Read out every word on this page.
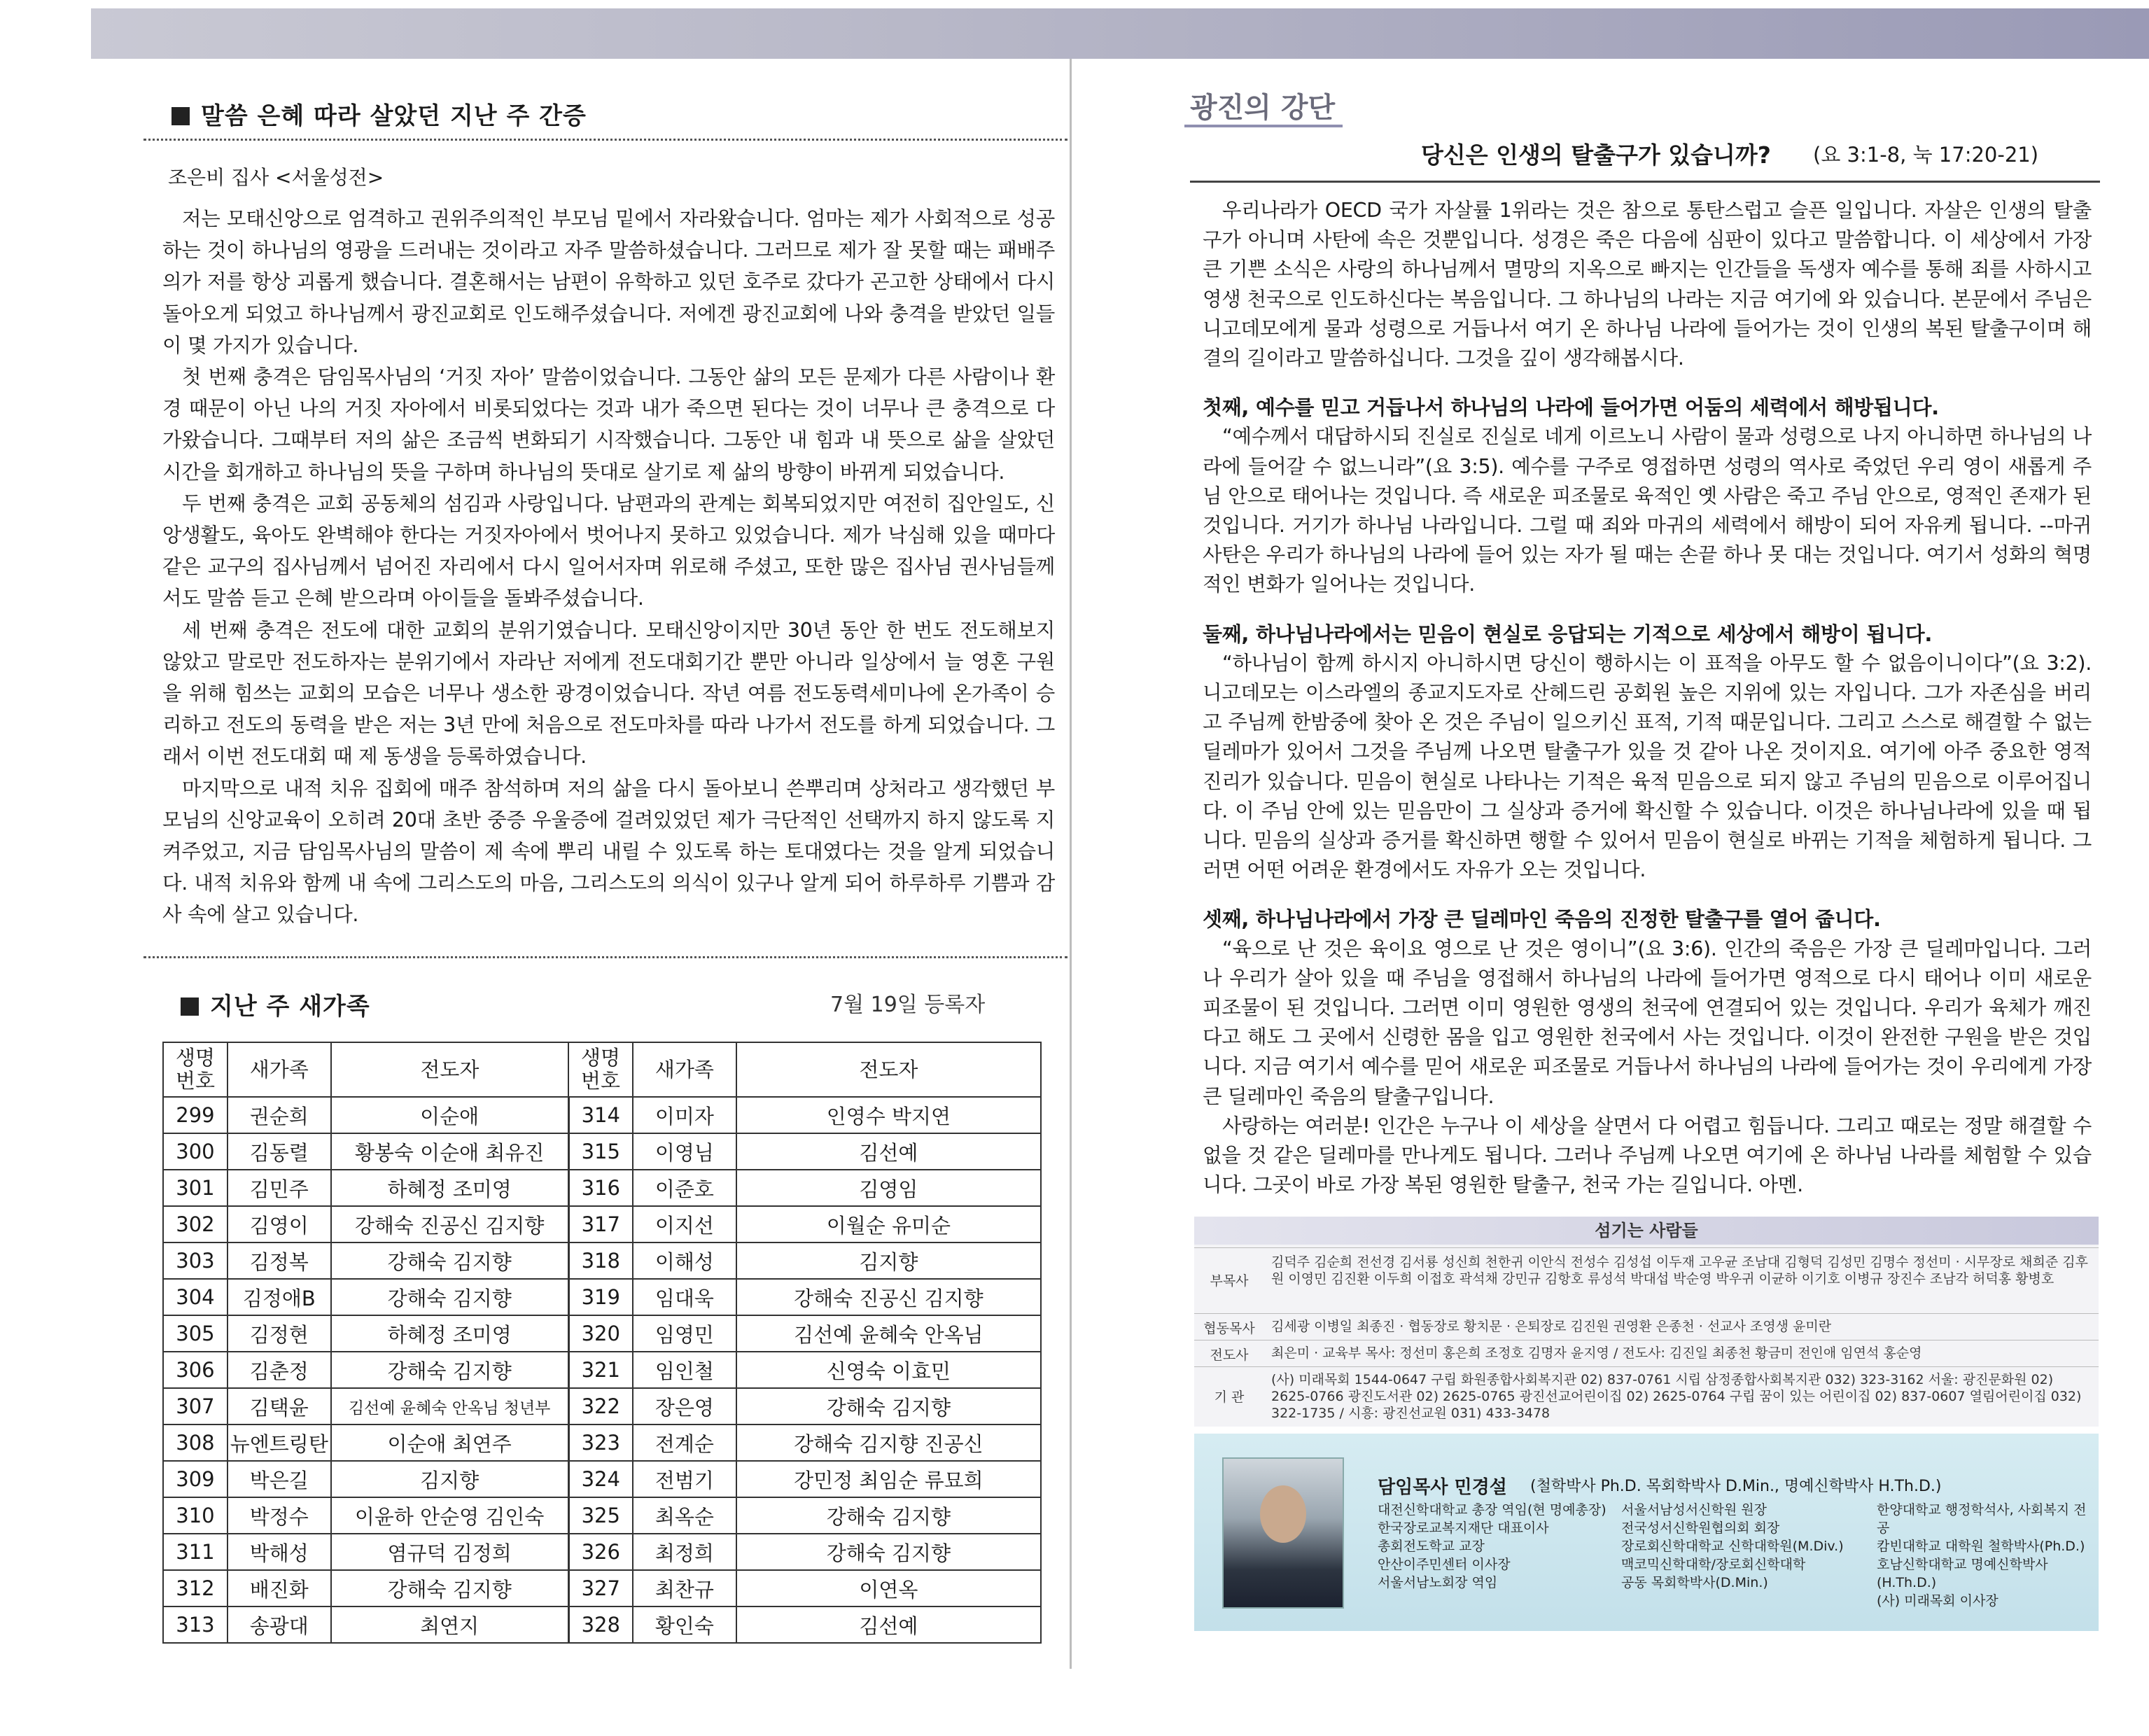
말씀 은혜 따라 살았던 지난 주 간증
조은비 집사 <서울성전>

저는 모태신앙으로 엄격하고 권위주의적인 부모님 밑에서 자라왔습니다. 엄마는 제가 사회적으로 성공하는 것이 하나님의 영광을 드러내는 것이라고 자주 말씀하셨습니다. 그러므로 제가 잘 못할 때는 패배주의가 저를 항상 괴롭게 했습니다. 결혼해서는 남편이 유학하고 있던 호주로 갔다가 곤고한 상태에서 다시 돌아오게 되었고 하나님께서 광진교회로 인도해주셨습니다. 저에겐 광진교회에 나와 충격을 받았던 일들이 몇 가지가 있습니다.

첫 번째 충격은 담임목사님의 ‘거짓 자아’ 말씀이었습니다. 그동안 삶의 모든 문제가 다른 사람이나 환경 때문이 아닌 나의 거짓 자아에서 비롯되었다는 것과 내가 죽으면 된다는 것이 너무나 큰 충격으로 다가왔습니다. 그때부터 저의 삶은 조금씩 변화되기 시작했습니다. 그동안 내 힘과 내 뜻으로 삶을 살았던 시간을 회개하고 하나님의 뜻을 구하며 하나님의 뜻대로 살기로 제 삶의 방향이 바뀌게 되었습니다.

두 번째 충격은 교회 공동체의 섬김과 사랑입니다. 남편과의 관계는 회복되었지만 여전히 집안일도, 신앙생활도, 육아도 완벽해야 한다는 거짓자아에서 벗어나지 못하고 있었습니다. 제가 낙심해 있을 때마다 같은 교구의 집사님께서 넘어진 자리에서 다시 일어서자며 위로해 주셨고, 또한 많은 집사님 권사님들께서도 말씀 듣고 은혜 받으라며 아이들을 돌봐주셨습니다.

세 번째 충격은 전도에 대한 교회의 분위기였습니다. 모태신앙이지만 30년 동안 한 번도 전도해보지 않았고 말로만 전도하자는 분위기에서 자라난 저에게 전도대회기간 뿐만 아니라 일상에서 늘 영혼 구원을 위해 힘쓰는 교회의 모습은 너무나 생소한 광경이었습니다. 작년 여름 전도동력세미나에 온가족이 승리하고 전도의 동력을 받은 저는 3년 만에 처음으로 전도마차를 따라 나가서 전도를 하게 되었습니다. 그래서 이번 전도대회 때 제 동생을 등록하였습니다.

마지막으로 내적 치유 집회에 매주 참석하며 저의 삶을 다시 돌아보니 쓴뿌리며 상처라고 생각했던 부모님의 신앙교육이 오히려 20대 초반 중증 우울증에 걸려있었던 제가 극단적인 선택까지 하지 않도록 지켜주었고, 지금 담임목사님의 말씀이 제 속에 뿌리 내릴 수 있도록 하는 토대였다는 것을 알게 되었습니다. 내적 치유와 함께 내 속에 그리스도의 마음, 그리스도의 의식이 있구나 알게 되어 하루하루 기쁨과 감사 속에 살고 있습니다.

지난 주 새가족	7월 19일 등록자
생명
번호	새가족	전도자	생명
번호	새가족	전도자
299	권순희	이순애	314	이미자	인영수 박지연
300	김동렬	황봉숙 이순애 최유진	315	이영님	김선예
301	김민주	하혜정 조미영	316	이준호	김영임
302	김영이	강해숙 진공신 김지향	317	이지선	이월순 유미순
303	김정복	강해숙 김지향	318	이해성	김지향
304	김정애B	강해숙 김지향	319	임대욱	강해숙 진공신 김지향
305	김정현	하혜정 조미영	320	임영민	김선예 윤혜숙 안옥님
306	김춘정	강해숙 김지향	321	임인철	신영숙 이효민
307	김택윤	김선예 윤혜숙 안옥님 청년부	322	장은영	강해숙 김지향
308	뉴엔트링탄	이순애 최연주	323	전계순	강해숙 김지향 진공신
309	박은길	김지향	324	전범기	강민정 최임순 류묘희
310	박정수	이윤하 안순영 김인숙	325	최옥순	강해숙 김지향
311	박해성	염규덕 김정희	326	최정희	강해숙 김지향
312	배진화	강해숙 김지향	327	최찬규	이연옥
313	송광대	최연지	328	황인숙	김선예
광진의 강단
당신은 인생의 탈출구가 있습니까? (요 3:1-8, 눅 17:20-21)

우리나라가 OECD 국가 자살률 1위라는 것은 참으로 통탄스럽고 슬픈 일입니다. 자살은 인생의 탈출구가 아니며 사탄에 속은 것뿐입니다. 성경은 죽은 다음에 심판이 있다고 말씀합니다. 이 세상에서 가장 큰 기쁜 소식은 사랑의 하나님께서 멸망의 지옥으로 빠지는 인간들을 독생자 예수를 통해 죄를 사하시고 영생 천국으로 인도하신다는 복음입니다. 그 하나님의 나라는 지금 여기에 와 있습니다. 본문에서 주님은 니고데모에게 물과 성령으로 거듭나서 여기 온 하나님 나라에 들어가는 것이 인생의 복된 탈출구이며 해결의 길이라고 말씀하십니다. 그것을 깊이 생각해봅시다.

첫째, 예수를 믿고 거듭나서 하나님의 나라에 들어가면 어둠의 세력에서 해방됩니다.

“예수께서 대답하시되 진실로 진실로 네게 이르노니 사람이 물과 성령으로 나지 아니하면 하나님의 나라에 들어갈 수 없느니라”(요 3:5). 예수를 구주로 영접하면 성령의 역사로 죽었던 우리 영이 새롭게 주님 안으로 태어나는 것입니다. 즉 새로운 피조물로 육적인 옛 사람은 죽고 주님 안으로, 영적인 존재가 된 것입니다. 거기가 하나님 나라입니다. 그럴 때 죄와 마귀의 세력에서 해방이 되어 자유케 됩니다. --마귀 사탄은 우리가 하나님의 나라에 들어 있는 자가 될 때는 손끝 하나 못 대는 것입니다. 여기서 성화의 혁명적인 변화가 일어나는 것입니다.

둘째, 하나님나라에서는 믿음이 현실로 응답되는 기적으로 세상에서 해방이 됩니다.

“하나님이 함께 하시지 아니하시면 당신이 행하시는 이 표적을 아무도 할 수 없음이니이다”(요 3:2). 니고데모는 이스라엘의 종교지도자로 산헤드린 공회원 높은 지위에 있는 자입니다. 그가 자존심을 버리고 주님께 한밤중에 찾아 온 것은 주님이 일으키신 표적, 기적 때문입니다. 그리고 스스로 해결할 수 없는 딜레마가 있어서 그것을 주님께 나오면 탈출구가 있을 것 같아 나온 것이지요. 여기에 아주 중요한 영적 진리가 있습니다. 믿음이 현실로 나타나는 기적은 육적 믿음으로 되지 않고 주님의 믿음으로 이루어집니다. 이 주님 안에 있는 믿음만이 그 실상과 증거에 확신할 수 있습니다. 이것은 하나님나라에 있을 때 됩니다. 믿음의 실상과 증거를 확신하면 행할 수 있어서 믿음이 현실로 바뀌는 기적을 체험하게 됩니다. 그러면 어떤 어려운 환경에서도 자유가 오는 것입니다.

셋째, 하나님나라에서 가장 큰 딜레마인 죽음의 진정한 탈출구를 열어 줍니다.

“육으로 난 것은 육이요 영으로 난 것은 영이니”(요 3:6). 인간의 죽음은 가장 큰 딜레마입니다. 그러나 우리가 살아 있을 때 주님을 영접해서 하나님의 나라에 들어가면 영적으로 다시 태어나 이미 새로운 피조물이 된 것입니다. 그러면 이미 영원한 영생의 천국에 연결되어 있는 것입니다. 우리가 육체가 깨진다고 해도 그 곳에서 신령한 몸을 입고 영원한 천국에서 사는 것입니다. 이것이 완전한 구원을 받은 것입니다. 지금 여기서 예수를 믿어 새로운 피조물로 거듭나서 하나님의 나라에 들어가는 것이 우리에게 가장 큰 딜레마인 죽음의 탈출구입니다.

사랑하는 여러분! 인간은 누구나 이 세상을 살면서 다 어렵고 힘듭니다. 그리고 때로는 정말 해결할 수 없을 것 같은 딜레마를 만나게도 됩니다. 그러나 주님께 나오면 여기에 온 하나님 나라를 체험할 수 있습니다. 그곳이 바로 가장 복된 영원한 탈출구, 천국 가는 길입니다. 아멘.

섬기는 사람들
부목사
김덕주 김순희 전선경 김서룡 성신희 천한귀 이안식 전성수 김성섭 이두재 고우균 조남대 김형덕 김성민 김명수 정선미 · 시무장로 채희준 김후원 이영민 김진환 이두희 이접호 곽석채 강민규 김항호 류성석 박대섭 박순영 박우귀 이균하 이기호 이병규 장진수 조남각 허덕홍 황병호
협동목사	김세광 이병일 최종진 · 협동장로 황치문 · 은퇴장로 김진원 권영환 은종천 · 선교사 조영생 윤미란
전도사	최은미 · 교육부 목사: 정선미 홍은희 조정호 김명자 윤지영 / 전도사: 김진일 최종천 황금미 전인애 임연석 홍순영
기 관
(사) 미래목회 1544-0647 구립 화원종합사회복지관 02) 837-0761 시립 삼정종합사회복지관 032) 323-3162 서울: 광진문화원 02) 2625-0766 광진도서관 02) 2625-0765 광진선교어린이집 02) 2625-0764 구립 꿈이 있는 어린이집 02) 837-0607 열림어린이집 032) 322-1735 / 시흥: 광진선교원 031) 433-3478
담임목사 민경설 (철학박사 Ph.D. 목회학박사 D.Min., 명예신학박사 H.Th.D.)
대전신학대학교 총장 역임(현 명예총장)
한국장로교복지재단 대표이사
총회전도학교 교장
안산이주민센터 이사장
서울서남노회장 역임
서울서남성서신학원 원장
전국성서신학원협의회 회장
장로회신학대학교 신학대학원(M.Div.)
맥코믹신학대학/장로회신학대학
공동 목회학박사(D.Min.)
한양대학교 행정학석사, 사회복지 전공
캄빈대학교 대학원 철학박사(Ph.D.)
호남신학대학교 명예신학박사(H.Th.D.)
(사) 미래목회 이사장
